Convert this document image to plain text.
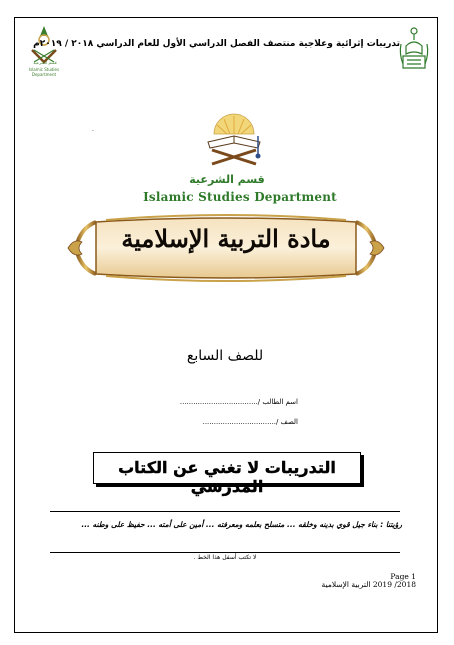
قسم الشرعية
Islamic Studies Department
تدريبات إثرائية وعلاجية منتصف الفصل الدراسي الأول للعام الدراسي ٢٠١٨ / ٢٠١٩م
.
قسم الشرعية
Islamic Studies Department
مادة التربية الإسلامية
للصف السابع
اسم الطالب /...................................
الصف /.................................
التدريبات لا تغني عن الكتاب المدرسي
رؤيتنا : بناء جيل قوي بدينه وخلقه ... متسلح بعلمه ومعرفته ... أمين على أمته ... حفيظ على وطنه ...
لا تكتب أسفل هذا الخط .
Page 1
2018/ 2019 التربية الإسلامية
